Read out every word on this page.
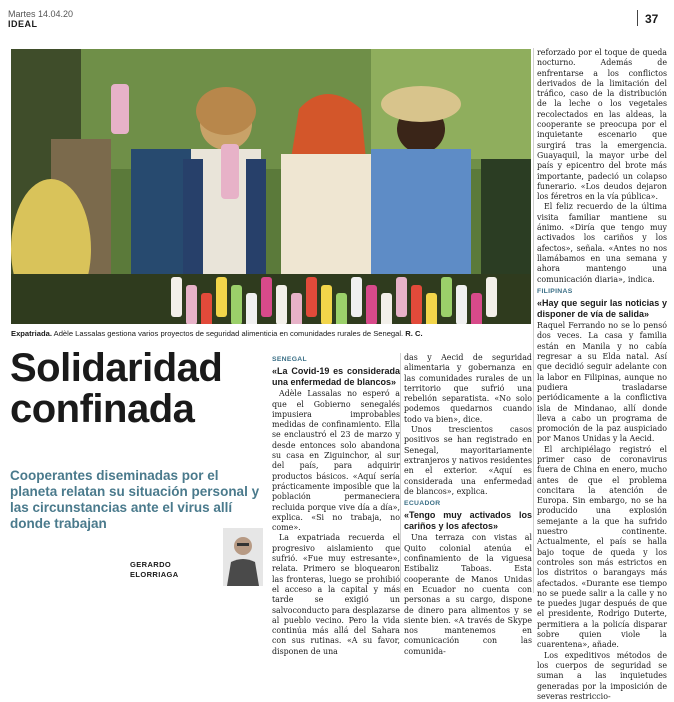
Martes 14.04.20
IDEAL	37
Expatriada. Adèle Lassalas gestiona varios proyectos de seguridad alimenticia en comunidades rurales de Senegal. R. C.
Solidaridad confinada
Cooperantes diseminadas por el planeta relatan su situación personal y las circunstancias ante el virus allí donde trabajan
GERARDO
ELORRIAGA
SENEGAL
«La Covid-19 es considerada una enfermedad de blancos»

Adèle Lassalas no esperó a que el Gobierno senegalés impusiera improbables medidas de confinamiento. Ella se enclaustró el 23 de marzo y desde entonces solo abandona su casa en Ziguinchor, al sur del país, para adquirir productos básicos. «Aquí sería prácticamente imposible que la población permaneciera recluida porque vive día a día», explica. «Si no trabaja, no come».

La expatriada recuerda el progresivo aislamiento que sufrió. «Fue muy estresante», relata. Primero se bloquearon las fronteras, luego se prohibió el acceso a la capital y más tarde se exigió un salvoconducto para desplazarse al pueblo vecino. Pero la vida continúa más allá del Sahara con sus rutinas. «A su favor, disponen de una

das y Aecid de seguridad alimentaria y gobernanza en las comunidades rurales de un territorio que sufrió una rebelión separatista. «No solo podemos quedarnos cuando todo va bien», dice.

Unos trescientos casos positivos se han registrado en Senegal, mayoritariamente extranjeros y nativos residentes en el exterior. «Aquí es considerada una enfermedad de blancos», explica.

ECUADOR
«Tengo muy activados los cariños y los afectos»

Una terraza con vistas al Quito colonial atenúa el confinamiento de la viguesa Estibaliz Taboas. Esta cooperante de Manos Unidas en Ecuador no cuenta con personas a su cargo, dispone de dinero para alimentos y se siente bien. «A través de Skype nos mantenemos en comunicación con las comunida-

reforzado por el toque de queda nocturno. Además de enfrentarse a los conflictos derivados de la limitación del tráfico, caso de la distribución de la leche o los vegetales recolectados en las aldeas, la cooperante se preocupa por el inquietante escenario que surgirá tras la emergencia. Guayaquil, la mayor urbe del país y epicentro del brote más importante, padeció un colapso funerario. «Los deudos dejaron los féretros en la vía pública».

El feliz recuerdo de la última visita familiar mantiene su ánimo. «Diría que tengo muy activados los cariños y los afectos», señala. «Antes no nos llamábamos en una semana y ahora mantengo una comunicación diaria», indica.

FILIPINAS
«Hay que seguir las noticias y disponer de vía de salida»

Raquel Ferrando no se lo pensó dos veces. La casa y familia están en Manila y no cabía regresar a su Elda natal. Así que decidió seguir adelante con la labor en Filipinas, aunque no pudiera trasladarse periódicamente a la conflictiva isla de Mindanao, allí donde lleva a cabo un programa de promoción de la paz auspiciado por Manos Unidas y la Aecid.

El archipiélago registró el primer caso de coronavirus fuera de China en enero, mucho antes de que el problema concitara la atención de Europa. Sin embargo, no se ha producido una explosión semejante a la que ha sufrido nuestro continente. Actualmente, el país se halla bajo toque de queda y los controles son más estrictos en los distritos o barangays más afectados. «Durante ese tiempo no se puede salir a la calle y no te puedes jugar después de que el presidente, Rodrigo Duterte, permitiera a la policía disparar sobre quien viole la cuarentena», añade.

Los expeditivos métodos de los cuerpos de seguridad se suman a las inquietudes generadas por la imposición de severas restriccio-
